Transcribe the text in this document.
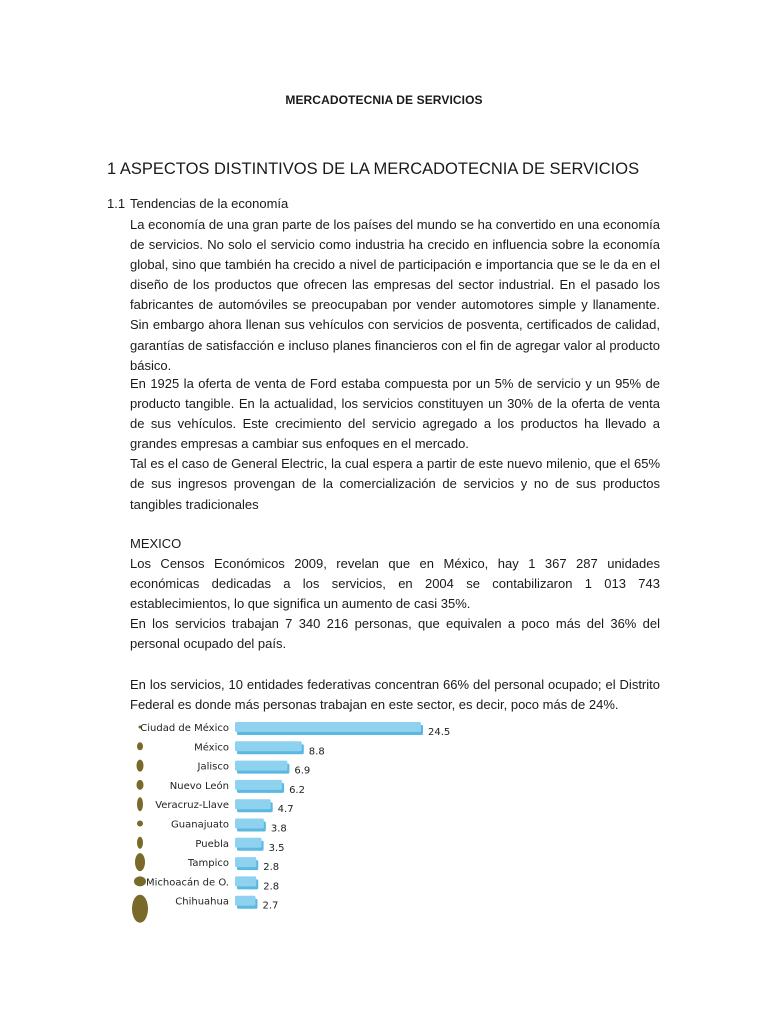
MERCADOTECNIA DE SERVICIOS
1 ASPECTOS DISTINTIVOS DE LA MERCADOTECNIA DE SERVICIOS
1.1 Tendencias de la economía
La economía de una gran parte de los países del mundo se ha convertido en una economía de servicios. No solo el servicio como industria ha crecido en influencia sobre la economía global, sino que también ha crecido a nivel de participación e importancia que se le da en el diseño de los productos que ofrecen las empresas del sector industrial. En el pasado los fabricantes de automóviles se preocupaban por vender automotores simple y llanamente. Sin embargo ahora llenan sus vehículos con servicios de posventa, certificados de calidad, garantías de satisfacción e incluso planes financieros con el fin de agregar valor al producto básico.
En 1925 la oferta de venta de Ford estaba compuesta por un 5% de servicio y un 95% de producto tangible. En la actualidad, los servicios constituyen un 30% de la oferta de venta de sus vehículos. Este crecimiento del servicio agregado a los productos ha llevado a grandes empresas a cambiar sus enfoques en el mercado.
Tal es el caso de General Electric, la cual espera a partir de este nuevo milenio, que el 65% de sus ingresos provengan de la comercialización de servicios y no de sus productos tangibles tradicionales
MEXICO
Los Censos Económicos 2009, revelan que en México, hay 1 367 287 unidades económicas dedicadas a los servicios, en 2004 se contabilizaron 1 013 743 establecimientos, lo que significa un aumento de casi 35%.
En los servicios trabajan 7 340 216 personas, que equivalen a poco más del 36% del personal ocupado del país.
En los servicios, 10 entidades federativas concentran 66% del personal ocupado; el Distrito Federal es donde más personas trabajan en este sector, es decir, poco más de 24%.
Ciudad de México	24.5
México	8.8
Jalisco	6.9
Nuevo León	6.2
Veracruz-Llave	4.7
Guanajuato	3.8
Puebla	3.5
Tampico	2.8
Michoacán de O.	2.8
Chihuahua	2.7
